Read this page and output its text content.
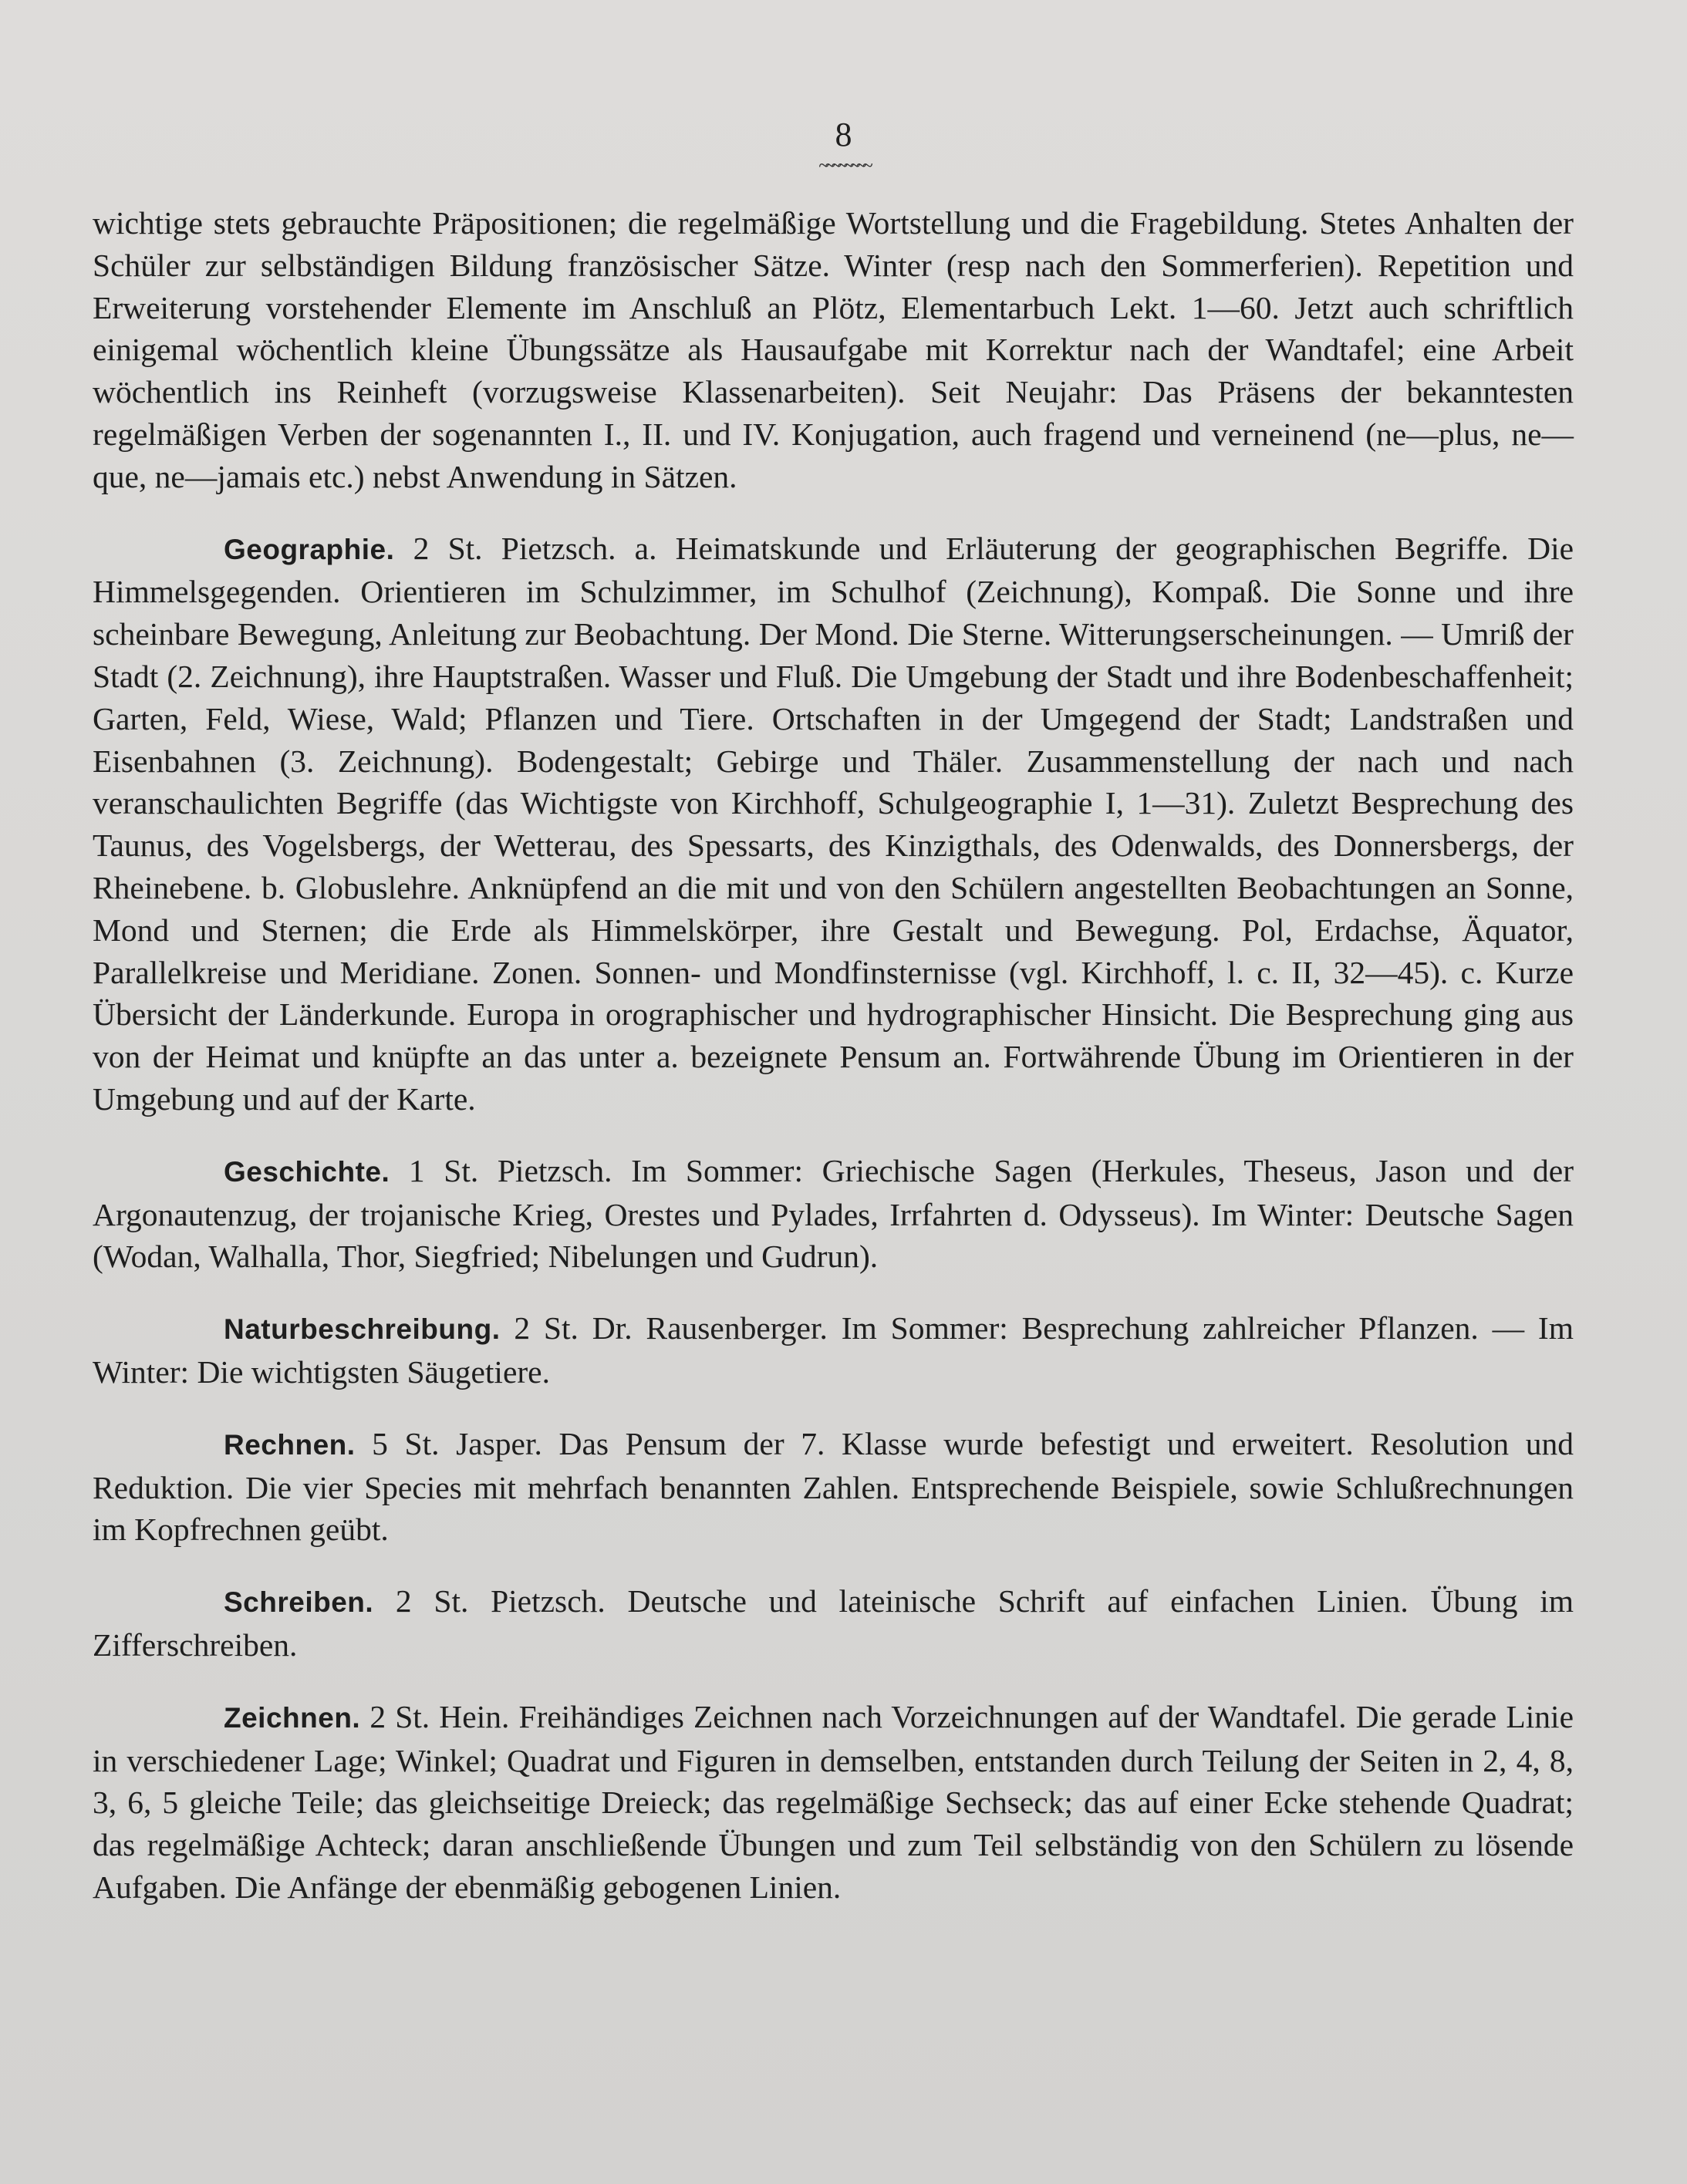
8
~~~~~~~~

wichtige stets gebrauchte Präpositionen; die regelmäßige Wortstellung und die Fragebildung. Stetes Anhalten der Schüler zur selbständigen Bildung französischer Sätze. Winter (resp nach den Sommerferien). Repetition und Erweiterung vorstehender Elemente im Anschluß an Plötz, Elementarbuch Lekt. 1—60. Jetzt auch schriftlich einigemal wöchentlich kleine Übungssätze als Hausaufgabe mit Korrektur nach der Wandtafel; eine Arbeit wöchentlich ins Reinheft (vorzugsweise Klassenarbeiten). Seit Neujahr: Das Präsens der bekanntesten regelmäßigen Verben der sogenannten I., II. und IV. Konjugation, auch fragend und verneinend (ne—plus, ne—que, ne—jamais etc.) nebst Anwendung in Sätzen.

Geographie. 2 St. Pietzsch. a. Heimatskunde und Erläuterung der geographischen Begriffe. Die Himmelsgegenden. Orientieren im Schulzimmer, im Schulhof (Zeichnung), Kompaß. Die Sonne und ihre scheinbare Bewegung, Anleitung zur Beobachtung. Der Mond. Die Sterne. Witterungserscheinungen. — Umriß der Stadt (2. Zeichnung), ihre Hauptstraßen. Wasser und Fluß. Die Umgebung der Stadt und ihre Bodenbeschaffenheit; Garten, Feld, Wiese, Wald; Pflanzen und Tiere. Ortschaften in der Umgegend der Stadt; Landstraßen und Eisenbahnen (3. Zeichnung). Bodengestalt; Gebirge und Thäler. Zusammenstellung der nach und nach veranschaulichten Begriffe (das Wichtigste von Kirchhoff, Schulgeographie I, 1—31). Zuletzt Besprechung des Taunus, des Vogelsbergs, der Wetterau, des Spessarts, des Kinzigthals, des Odenwalds, des Donnersbergs, der Rheinebene. b. Globuslehre. Anknüpfend an die mit und von den Schülern angestellten Beobachtungen an Sonne, Mond und Sternen; die Erde als Himmelskörper, ihre Gestalt und Bewegung. Pol, Erdachse, Äquator, Parallelkreise und Meridiane. Zonen. Sonnen- und Mondfinsternisse (vgl. Kirchhoff, l. c. II, 32—45). c. Kurze Übersicht der Länderkunde. Europa in orographischer und hydrographischer Hinsicht. Die Besprechung ging aus von der Heimat und knüpfte an das unter a. bezeignete Pensum an. Fortwährende Übung im Orientieren in der Umgebung und auf der Karte.

Geschichte. 1 St. Pietzsch. Im Sommer: Griechische Sagen (Herkules, Theseus, Jason und der Argonautenzug, der trojanische Krieg, Orestes und Pylades, Irrfahrten d. Odysseus). Im Winter: Deutsche Sagen (Wodan, Walhalla, Thor, Siegfried; Nibelungen und Gudrun).

Naturbeschreibung. 2 St. Dr. Rausenberger. Im Sommer: Besprechung zahlreicher Pflanzen. — Im Winter: Die wichtigsten Säugetiere.

Rechnen. 5 St. Jasper. Das Pensum der 7. Klasse wurde befestigt und erweitert. Resolution und Reduktion. Die vier Species mit mehrfach benannten Zahlen. Entsprechende Beispiele, sowie Schlußrechnungen im Kopfrechnen geübt.

Schreiben. 2 St. Pietzsch. Deutsche und lateinische Schrift auf einfachen Linien. Übung im Zifferschreiben.

Zeichnen. 2 St. Hein. Freihändiges Zeichnen nach Vorzeichnungen auf der Wandtafel. Die gerade Linie in verschiedener Lage; Winkel; Quadrat und Figuren in demselben, entstanden durch Teilung der Seiten in 2, 4, 8, 3, 6, 5 gleiche Teile; das gleichseitige Dreieck; das regelmäßige Sechseck; das auf einer Ecke stehende Quadrat; das regelmäßige Achteck; daran anschließende Übungen und zum Teil selbständig von den Schülern zu lösende Aufgaben. Die Anfänge der ebenmäßig gebogenen Linien.
